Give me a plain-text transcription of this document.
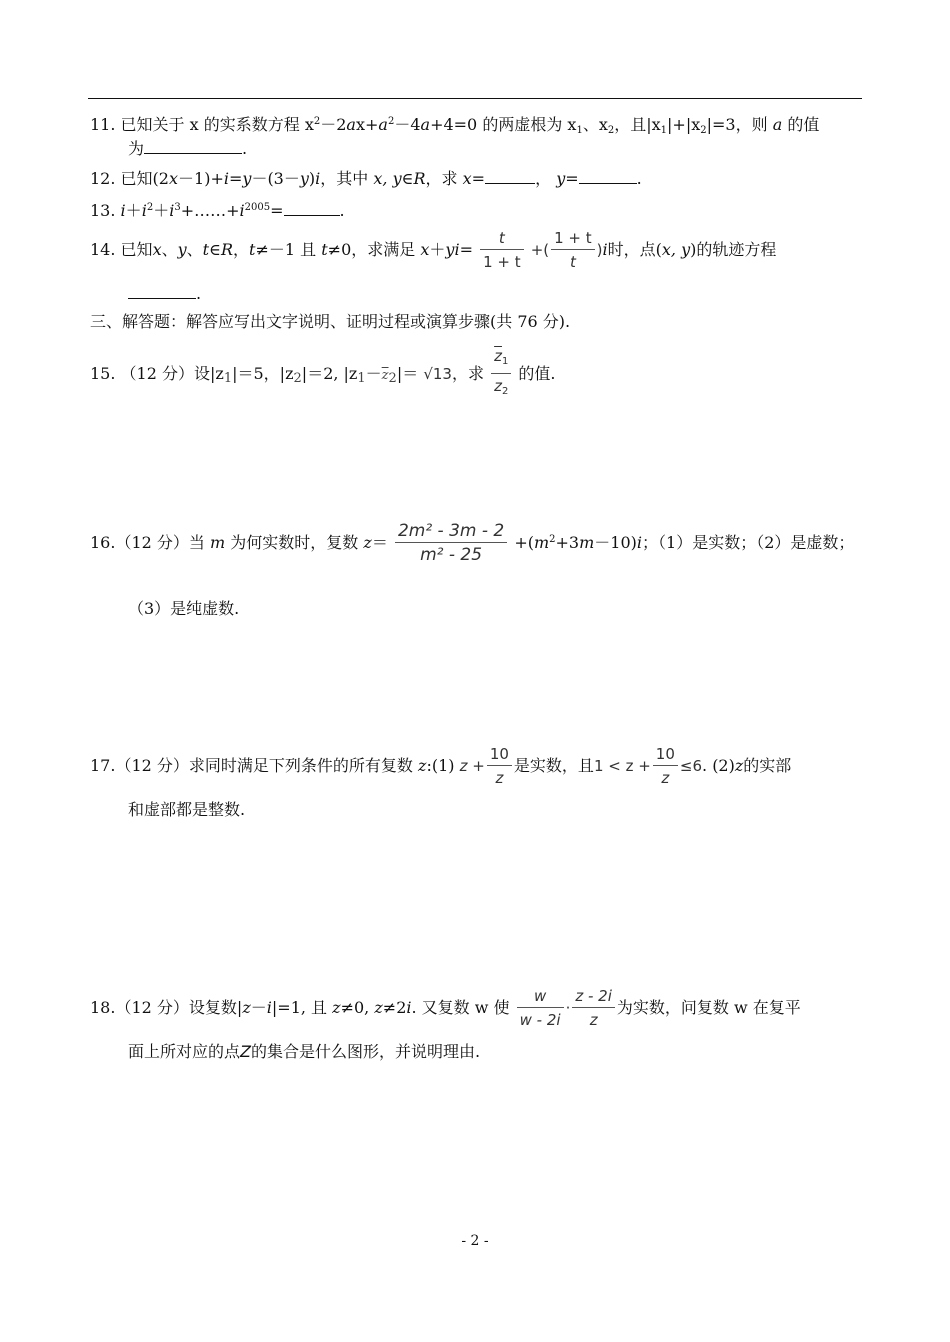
11. 已知关于 x 的实系数方程 $x^2-2ax+a^2-4a+4=0$ 的两虚根为 $x_1$、$x_2$，且$|x_1|+|x_2|=3$，则 a 的值
为	.
12. 已知(2x－1)+i=y－(3－y)i，其中 x, y∈R，求 x=	， y=	.
13. $i+i^2+i^3+\dots\dots+i^{2005}=$	.
14. 已知x、y、t∈R，t≠－1 且 t≠0，求满足 $x+yi= \frac{t}{1 + t}$ +( $\frac{1 + t}{t} )i$时，点(x, y)的轨迹方程
.
三、解答题：解答应写出文字说明、证明过程或演算步骤(共 76 分).
15. （12 分）设$|z_1|=5$，$|z_2|=2$, $|z_1-\overline{z}_2|= √13$，求 $\frac{\overline{z}_1}{z_2}$ 的值.
16.（12 分）当 m 为何实数时，复数 $z= \frac{\text{2m² - 3m - 2}}{\text{m² - 25}} +(m^2+3m-10)i$；（1）是实数；（2）是虚数；
（3）是纯虚数.
17.（12 分）求同时满足下列条件的所有复数 z:(1) $z + \frac{10}{z}$ 是实数，且$1 < z + \frac{10}{z} \le 6$. (2)z的实部
和虚部都是整数.
18.（12 分）设复数|z－i|=1, 且 z≠0, z≠2i. 又复数 w 使 $\frac{w}{w - 2i} \cdot \frac{z - 2i}{z}$ 为实数，问复数 w 在复平
面上所对应的点Z的集合是什么图形，并说明理由.
- 2 -
